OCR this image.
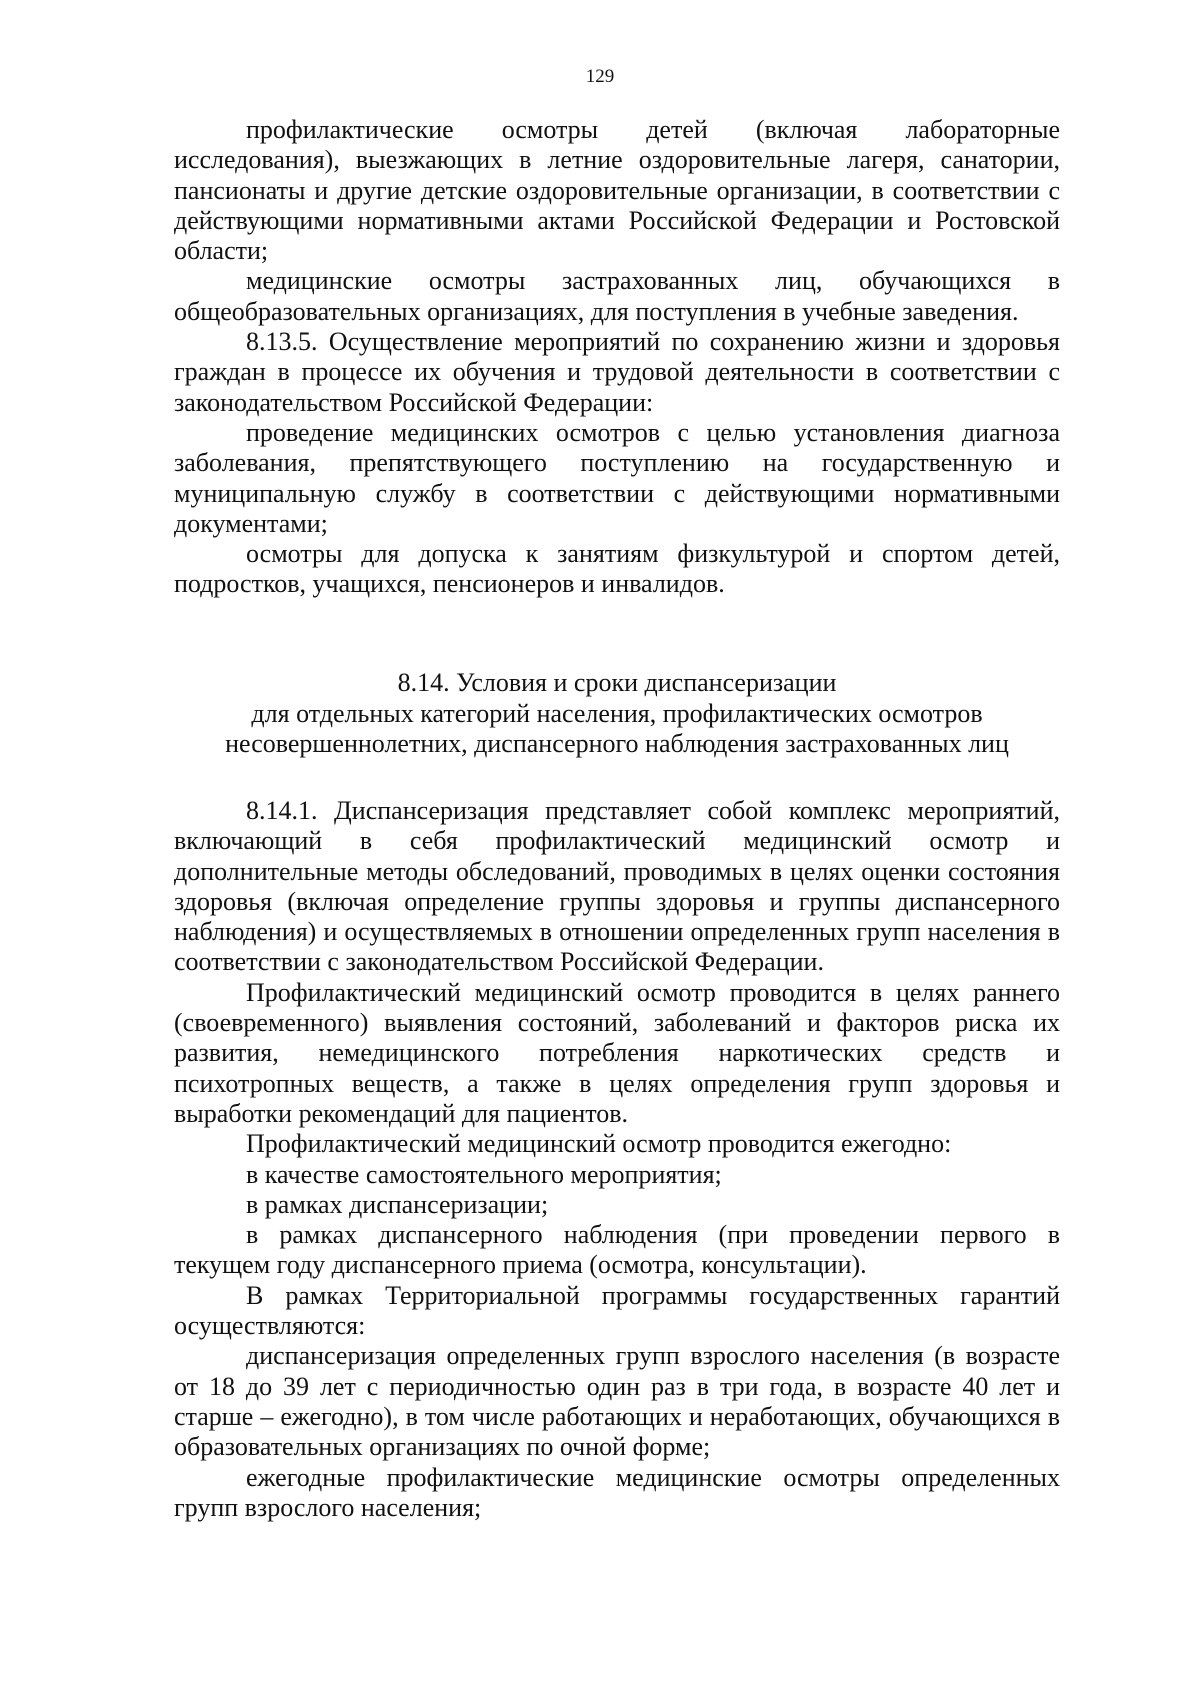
129

профилактические осмотры детей (включая лабораторные исследования), выезжающих в летние оздоровительные лагеря, санатории, пансионаты и другие детские оздоровительные организации, в соответствии с действующими нормативными актами Российской Федерации и Ростовской области;

медицинские осмотры застрахованных лиц, обучающихся в общеобразовательных организациях, для поступления в учебные заведения.

8.13.5. Осуществление мероприятий по сохранению жизни и здоровья граждан в процессе их обучения и трудовой деятельности в соответствии с законодательством Российской Федерации:

проведение медицинских осмотров с целью установления диагноза заболевания, препятствующего поступлению на государственную и муниципальную службу в соответствии с действующими нормативными документами;

осмотры для допуска к занятиям физкультурой и спортом детей, подростков, учащихся, пенсионеров и инвалидов.

8.14. Условия и сроки диспансеризации
для отдельных категорий населения, профилактических осмотров
несовершеннолетних, диспансерного наблюдения застрахованных лиц

8.14.1. Диспансеризация представляет собой комплекс мероприятий, включающий в себя профилактический медицинский осмотр и дополнительные методы обследований, проводимых в целях оценки состояния здоровья (включая определение группы здоровья и группы диспансерного наблюдения) и осуществляемых в отношении определенных групп населения в соответствии с законодательством Российской Федерации.

Профилактический медицинский осмотр проводится в целях раннего (своевременного) выявления состояний, заболеваний и факторов риска их развития, немедицинского потребления наркотических средств и психотропных веществ, а также в целях определения групп здоровья и выработки рекомендаций для пациентов.

Профилактический медицинский осмотр проводится ежегодно:

в качестве самостоятельного мероприятия;

в рамках диспансеризации;

в рамках диспансерного наблюдения (при проведении первого в текущем году диспансерного приема (осмотра, консультации).

В рамках Территориальной программы государственных гарантий осуществляются:

диспансеризация определенных групп взрослого населения (в возрасте от 18 до 39 лет с периодичностью один раз в три года, в возрасте 40 лет и старше – ежегодно), в том числе работающих и неработающих, обучающихся в образовательных организациях по очной форме;

ежегодные профилактические медицинские осмотры определенных групп взрослого населения;
